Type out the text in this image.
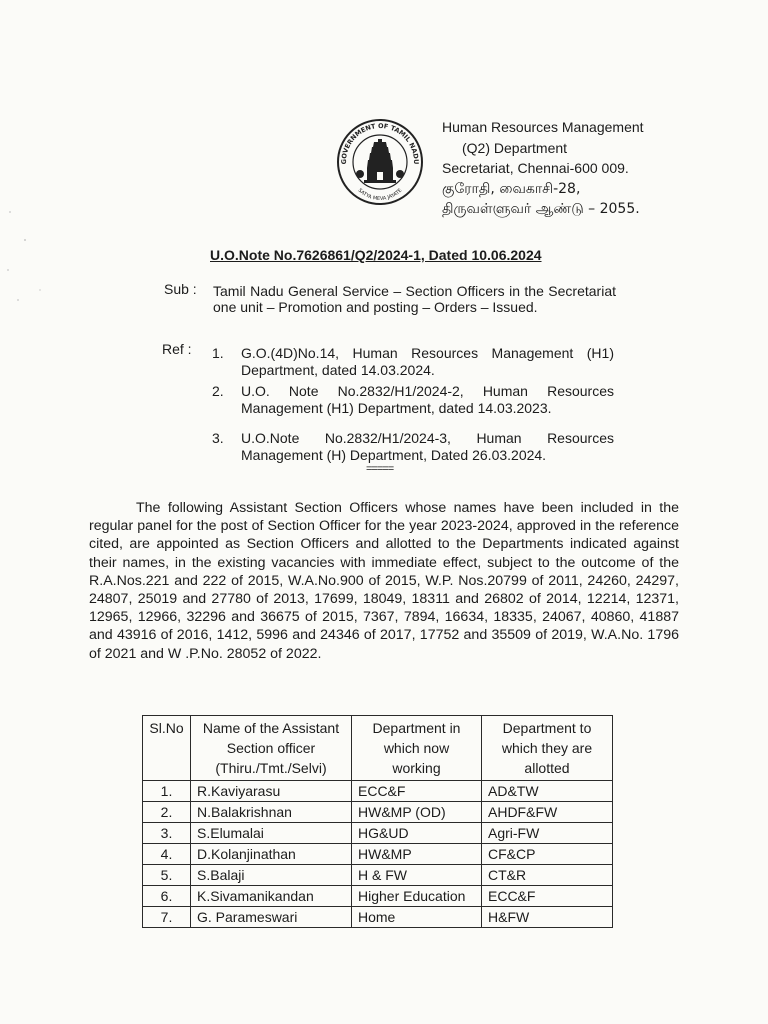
GOVERNMENT OF TAMIL NADU
SATYA MEVA JAYATE
Human Resources Management
(Q2) Department
Secretariat, Chennai-600 009.
குரோதி, வைகாசி-28,
திருவள்ளுவர் ஆண்டு – 2055.
U.O.Note No.7626861/Q2/2024-1, Dated 10.06.2024
Sub : Tamil Nadu General Service – Section Officers in the Secretariat one unit – Promotion and posting – Orders – Issued.
Ref : 1. G.O.(4D)No.14, Human Resources Management (H1) Department, dated 14.03.2024.
2. U.O. Note No.2832/H1/2024-2, Human Resources Management (H1) Department, dated 14.03.2023.
3. U.O.Note No.2832/H1/2024-3, Human Resources Management (H) Department, Dated 26.03.2024.
=====
The following Assistant Section Officers whose names have been included in the regular panel for the post of Section Officer for the year 2023-2024, approved in the reference cited, are appointed as Section Officers and allotted to the Departments indicated against their names, in the existing vacancies with immediate effect, subject to the outcome of the R.A.Nos.221 and 222 of 2015, W.A.No.900 of 2015, W.P. Nos.20799 of 2011, 24260, 24297, 24807, 25019 and 27780 of 2013, 17699, 18049, 18311 and 26802 of 2014, 12214, 12371, 12965, 12966, 32296 and 36675 of 2015, 7367, 7894, 16634, 18335, 24067, 40860, 41887 and 43916 of 2016, 1412, 5996 and 24346 of 2017, 17752 and 35509 of 2019, W.A.No. 1796 of 2021 and W .P.No. 28052 of 2022.
Sl.No	Name of the Assistant Section officer (Thiru./Tmt./Selvi)	Department in which now working	Department to which they are allotted
1.	R.Kaviyarasu	ECC&F	AD&TW
2.	N.Balakrishnan	HW&MP (OD)	AHDF&FW
3.	S.Elumalai	HG&UD	Agri-FW
4.	D.Kolanjinathan	HW&MP	CF&CP
5.	S.Balaji	H & FW	CT&R
6.	K.Sivamanikandan	Higher Education	ECC&F
7.	G. Parameswari	Home	H&FW
